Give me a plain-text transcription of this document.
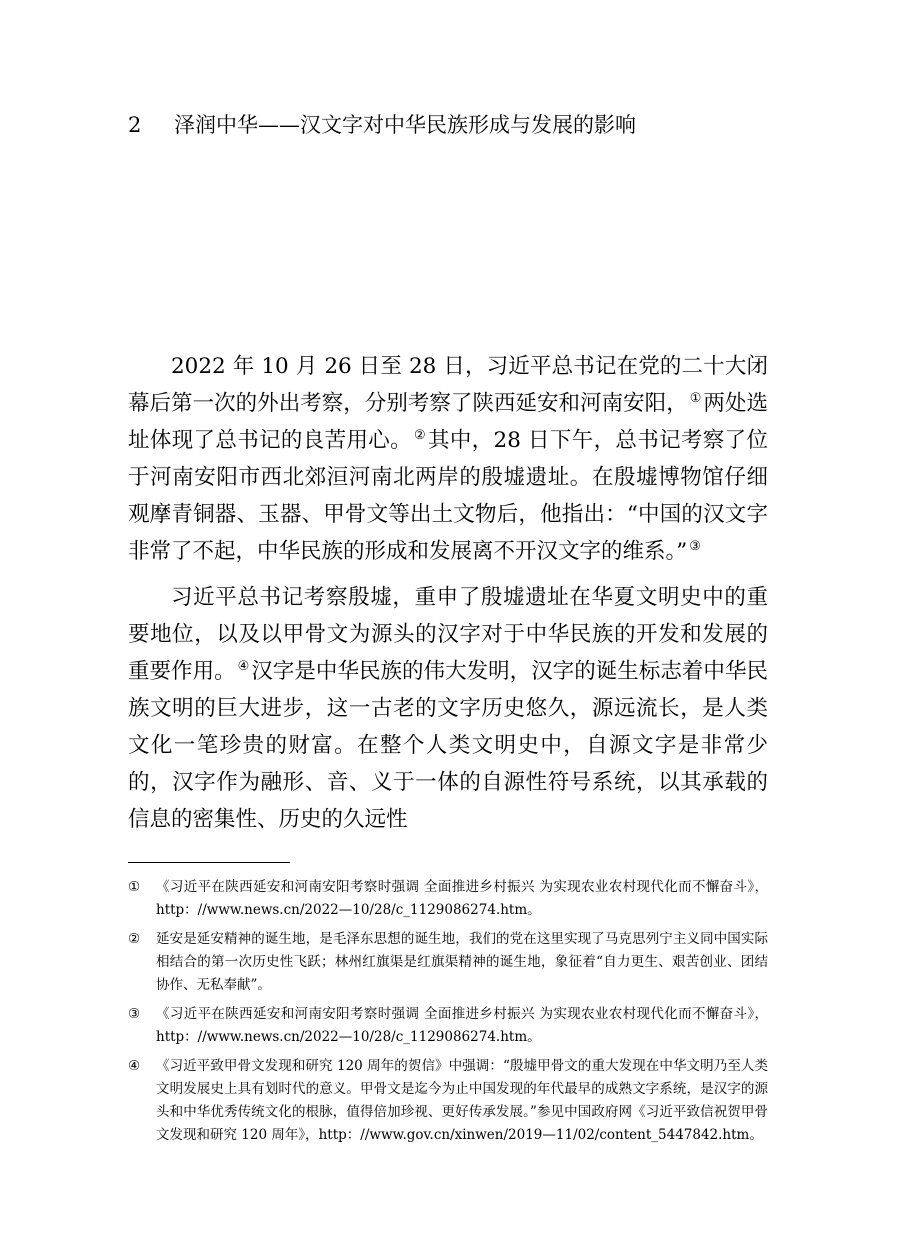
2 泽润中华——汉文字对中华民族形成与发展的影响

2022 年 10 月 26 日至 28 日，习近平总书记在党的二十大闭幕后第一次的外出考察，分别考察了陕西延安和河南安阳， ①两处选址体现了总书记的良苦用心。 ②其中，28 日下午，总书记考察了位于河南安阳市西北郊洹河南北两岸的殷墟遗址。在殷墟博物馆仔细观摩青铜器、玉器、甲骨文等出土文物后，他指出：“中国的汉文字非常了不起，中华民族的形成和发展离不开汉文字的维系。” ③

习近平总书记考察殷墟，重申了殷墟遗址在华夏文明史中的重要地位，以及以甲骨文为源头的汉字对于中华民族的开发和发展的重要作用。 ④汉字是中华民族的伟大发明，汉字的诞生标志着中华民族文明的巨大进步，这一古老的文字历史悠久，源远流长，是人类文化一笔珍贵的财富。在整个人类文明史中，自源文字是非常少的，汉字作为融形、音、义于一体的自源性符号系统，以其承载的信息的密集性、历史的久远性

① 《习近平在陕西延安和河南安阳考察时强调 全面推进乡村振兴 为实现农业农村现代化而不懈奋斗》，http：//www.news.cn/2022—10/28/c_1129086274.htm。
② 延安是延安精神的诞生地，是毛泽东思想的诞生地，我们的党在这里实现了马克思列宁主义同中国实际相结合的第一次历史性飞跃；林州红旗渠是红旗渠精神的诞生地，象征着“自力更生、艰苦创业、团结协作、无私奉献”。
③ 《习近平在陕西延安和河南安阳考察时强调 全面推进乡村振兴 为实现农业农村现代化而不懈奋斗》，http：//www.news.cn/2022—10/28/c_1129086274.htm。
④ 《习近平致甲骨文发现和研究 120 周年的贺信》中强调：“殷墟甲骨文的重大发现在中华文明乃至人类文明发展史上具有划时代的意义。甲骨文是迄今为止中国发现的年代最早的成熟文字系统，是汉字的源头和中华优秀传统文化的根脉，值得倍加珍视、更好传承发展。”参见中国政府网《习近平致信祝贺甲骨文发现和研究 120 周年》，http：//www.gov.cn/xinwen/2019—11/02/content_5447842.htm。
